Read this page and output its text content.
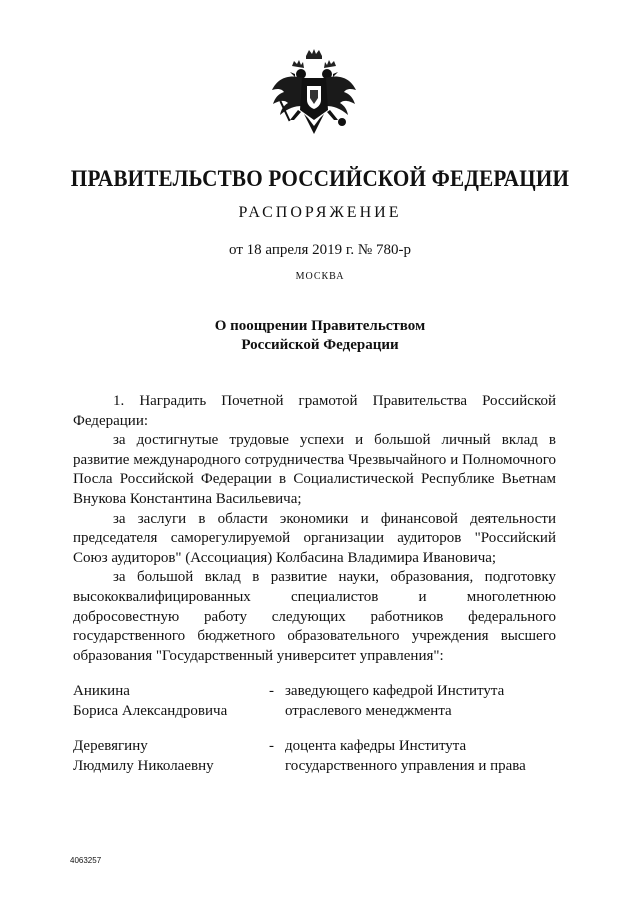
ПРАВИТЕЛЬСТВО РОССИЙСКОЙ ФЕДЕРАЦИИ
РАСПОРЯЖЕНИЕ
от 18 апреля 2019 г. № 780-р
МОСКВА
О поощрении Правительством
Российской Федерации

1. Наградить Почетной грамотой Правительства Российской Федерации:

за достигнутые трудовые успехи и большой личный вклад в развитие международного сотрудничества Чрезвычайного и Полномочного Посла Российской Федерации в Социалистической Республике Вьетнам Внукова Константина Васильевича;

за заслуги в области экономики и финансовой деятельности председателя саморегулируемой организации аудиторов "Российский Союз аудиторов" (Ассоциация) Колбасина Владимира Ивановича;

за большой вклад в развитие науки, образования, подготовку высококвалифицированных специалистов и многолетнюю добросовестную работу следующих работников федерального государственного бюджетного образовательного учреждения высшего образования "Государственный университет управления":

Аникина
Бориса Александровича
- заведующего кафедрой Института
отраслевого менеджмента
Деревягину
Людмилу Николаевну
- доцента кафедры Института
государственного управления и права
4063257
